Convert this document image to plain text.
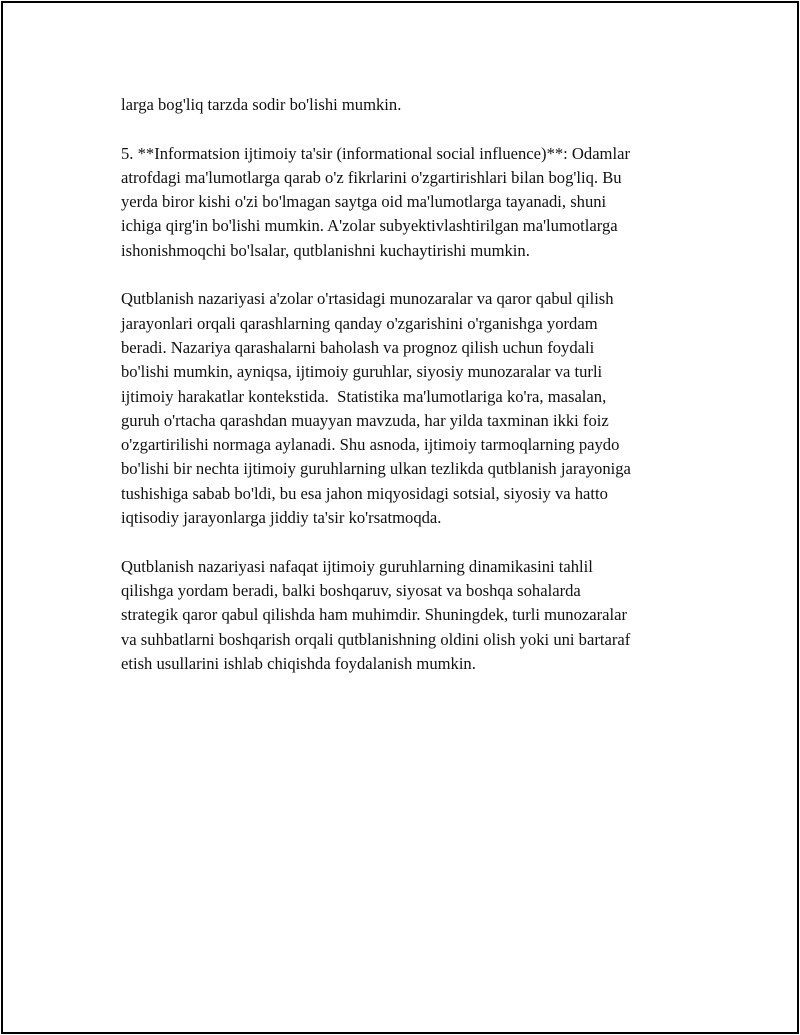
larga bog'liq tarzda sodir bo'lishi mumkin.

5. **Informatsion ijtimoiy ta'sir (informational social influence)**: Odamlar
atrofdagi ma'lumotlarga qarab o'z fikrlarini o'zgartirishlari bilan bog'liq. Bu
yerda biror kishi o'zi bo'lmagan saytga oid ma'lumotlarga tayanadi, shuni
ichiga qirg'in bo'lishi mumkin. A'zolar subyektivlashtirilgan ma'lumotlarga
ishonishmoqchi bo'lsalar, qutblanishni kuchaytirishi mumkin.

Qutblanish nazariyasi a'zolar o'rtasidagi munozaralar va qaror qabul qilish
jarayonlari orqali qarashlarning qanday o'zgarishini o'rganishga yordam
beradi. Nazariya qarashalarni baholash va prognoz qilish uchun foydali
bo'lishi mumkin, ayniqsa, ijtimoiy guruhlar, siyosiy munozaralar va turli
ijtimoiy harakatlar kontekstida.  Statistika ma'lumotlariga ko'ra, masalan,
guruh o'rtacha qarashdan muayyan mavzuda, har yilda taxminan ikki foiz
o'zgartirilishi normaga aylanadi. Shu asnoda, ijtimoiy tarmoqlarning paydo
bo'lishi bir nechta ijtimoiy guruhlarning ulkan tezlikda qutblanish jarayoniga
tushishiga sabab bo'ldi, bu esa jahon miqyosidagi sotsial, siyosiy va hatto
iqtisodiy jarayonlarga jiddiy ta'sir ko'rsatmoqda.

Qutblanish nazariyasi nafaqat ijtimoiy guruhlarning dinamikasini tahlil
qilishga yordam beradi, balki boshqaruv, siyosat va boshqa sohalarda
strategik qaror qabul qilishda ham muhimdir. Shuningdek, turli munozaralar
va suhbatlarni boshqarish orqali qutblanishning oldini olish yoki uni bartaraf
etish usullarini ishlab chiqishda foydalanish mumkin.
